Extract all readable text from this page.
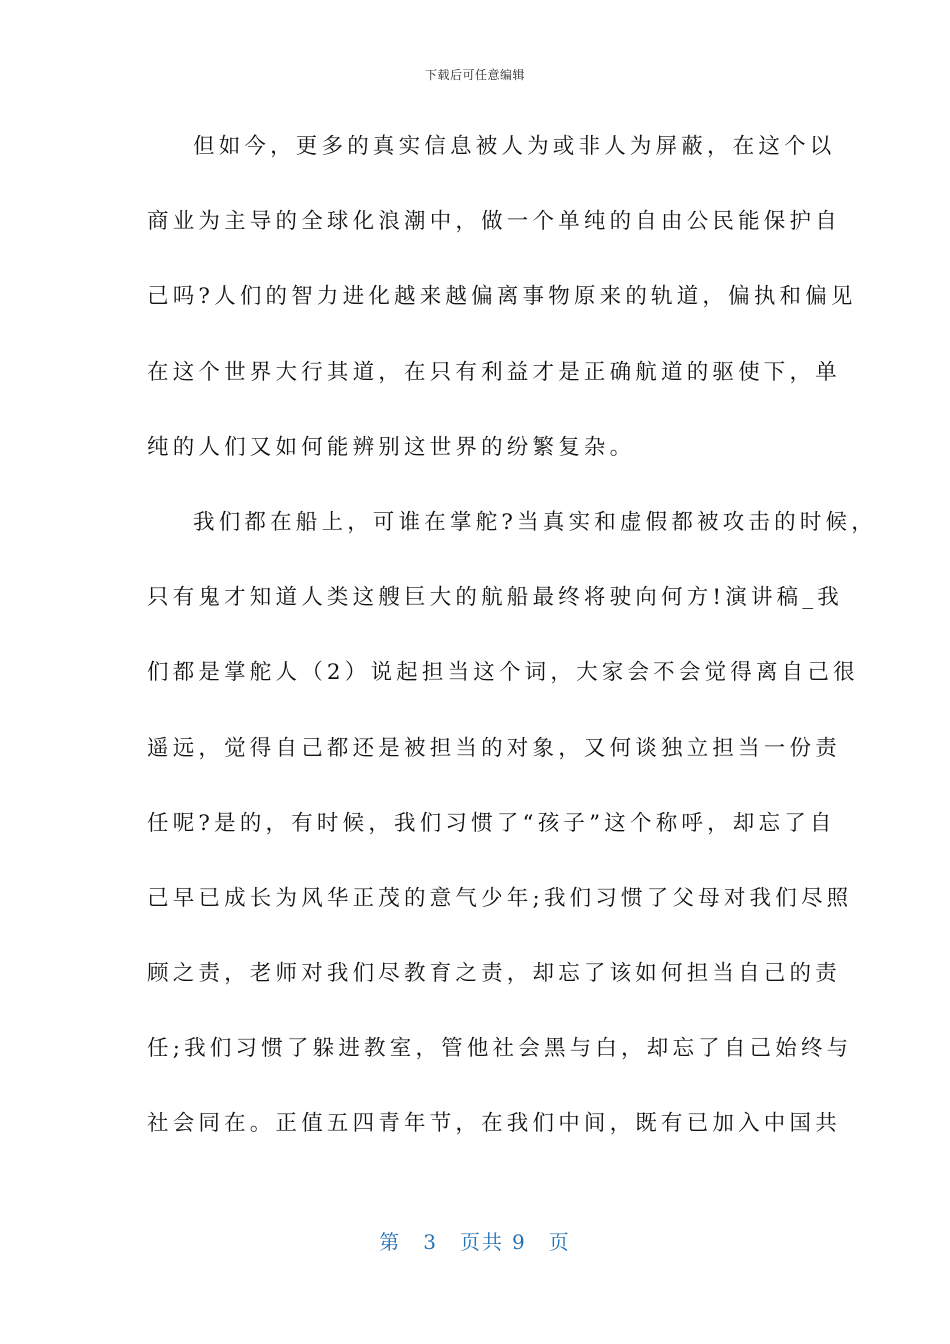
下载后可任意编辑
但如今，更多的真实信息被人为或非人为屏蔽，在这个以
商业为主导的全球化浪潮中，做一个单纯的自由公民能保护自
己吗?人们的智力进化越来越偏离事物原来的轨道，偏执和偏见
在这个世界大行其道，在只有利益才是正确航道的驱使下，单
纯的人们又如何能辨别这世界的纷繁复杂。
我们都在船上，可谁在掌舵?当真实和虚假都被攻击的时候，
只有鬼才知道人类这艘巨大的航船最终将驶向何方!演讲稿_我
们都是掌舵人（2）说起担当这个词，大家会不会觉得离自己很
遥远，觉得自己都还是被担当的对象，又何谈独立担当一份责
任呢?是的，有时候，我们习惯了“孩子”这个称呼，却忘了自
己早已成长为风华正茂的意气少年;我们习惯了父母对我们尽照
顾之责，老师对我们尽教育之责，却忘了该如何担当自己的责
任;我们习惯了躲进教室，管他社会黑与白，却忘了自己始终与
社会同在。正值五四青年节，在我们中间，既有已加入中国共
第 3 页共 9 页
